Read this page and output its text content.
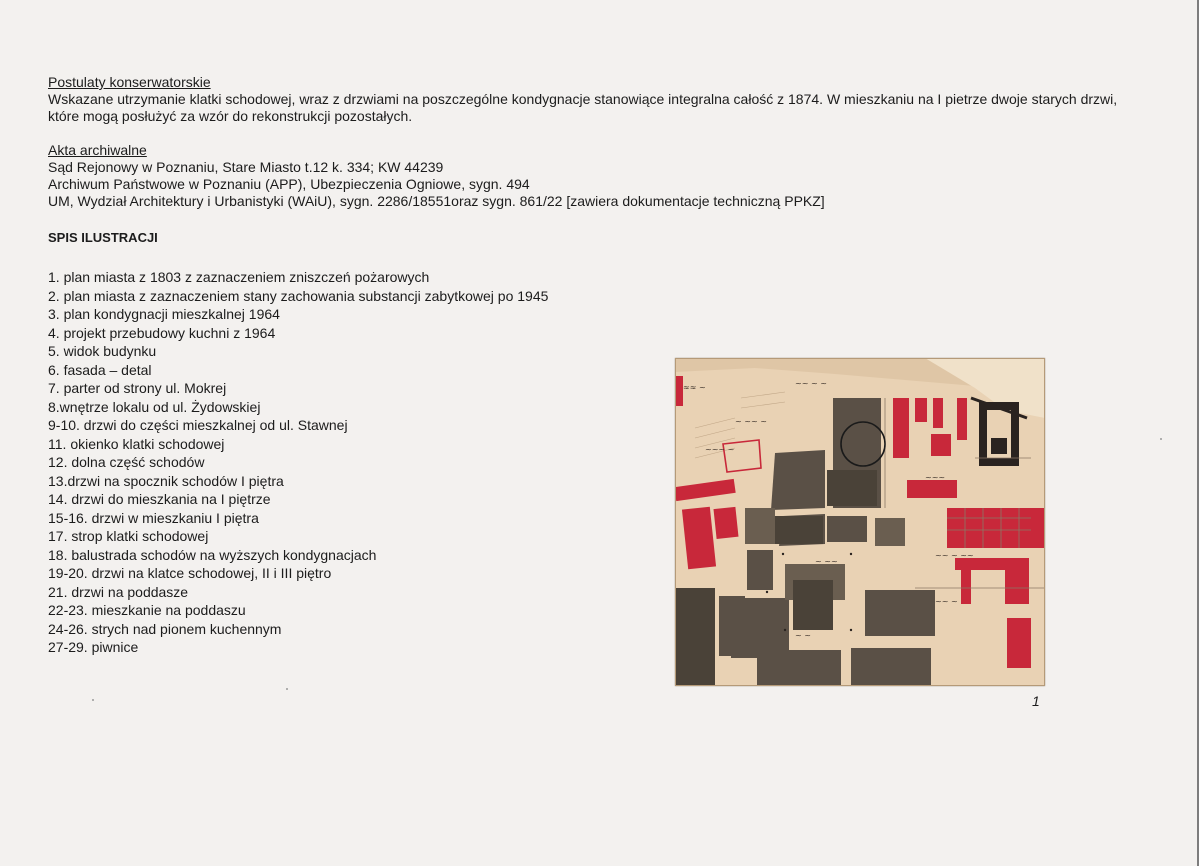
Postulaty konserwatorskie
Wskazane utrzymanie klatki schodowej, wraz z drzwiami na poszczególne kondygnacje stanowiące integralna całość z 1874. W mieszkaniu na I pietrze dwoje starych drzwi, które mogą posłużyć za wzór do rekonstrukcji pozostałych.
Akta archiwalne
Sąd Rejonowy w Poznaniu, Stare Miasto t.12 k. 334; KW 44239
Archiwum Państwowe w Poznaniu (APP), Ubezpieczenia Ogniowe, sygn. 494
UM, Wydział Architektury i Urbanistyki (WAiU), sygn. 2286/18551oraz sygn. 861/22 [zawiera dokumentacje techniczną PPKZ]
SPIS ILUSTRACJI
1. plan miasta z 1803 z zaznaczeniem zniszczeń pożarowych
2. plan miasta z zaznaczeniem stany zachowania substancji zabytkowej po 1945
3. plan kondygnacji mieszkalnej 1964
4. projekt przebudowy kuchni z 1964
5. widok budynku
6. fasada – detal
7. parter od strony ul. Mokrej
8.wnętrze lokalu od ul. Żydowskiej
9-10. drzwi do części mieszkalnej od ul. Stawnej
11. okienko klatki schodowej
12. dolna część schodów
13.drzwi na spocznik schodów I piętra
14. drzwi do mieszkania na I piętrze
15-16. drzwi w mieszkaniu I piętra
17. strop klatki schodowej
18. balustrada schodów na wyższych kondygnacjach
19-20. drzwi na klatce schodowej, II i III piętro
21. drzwi na poddasze
22-23. mieszkanie na poddaszu
24-26. strych nad pionem kuchennym
27-29. piwnice
≈≈ ~	~~ ~ ~
~ ~~ ~
~~~ ~
~~~
~~ ~ ~~
~~ ~
~ ~~
~ ~
1
